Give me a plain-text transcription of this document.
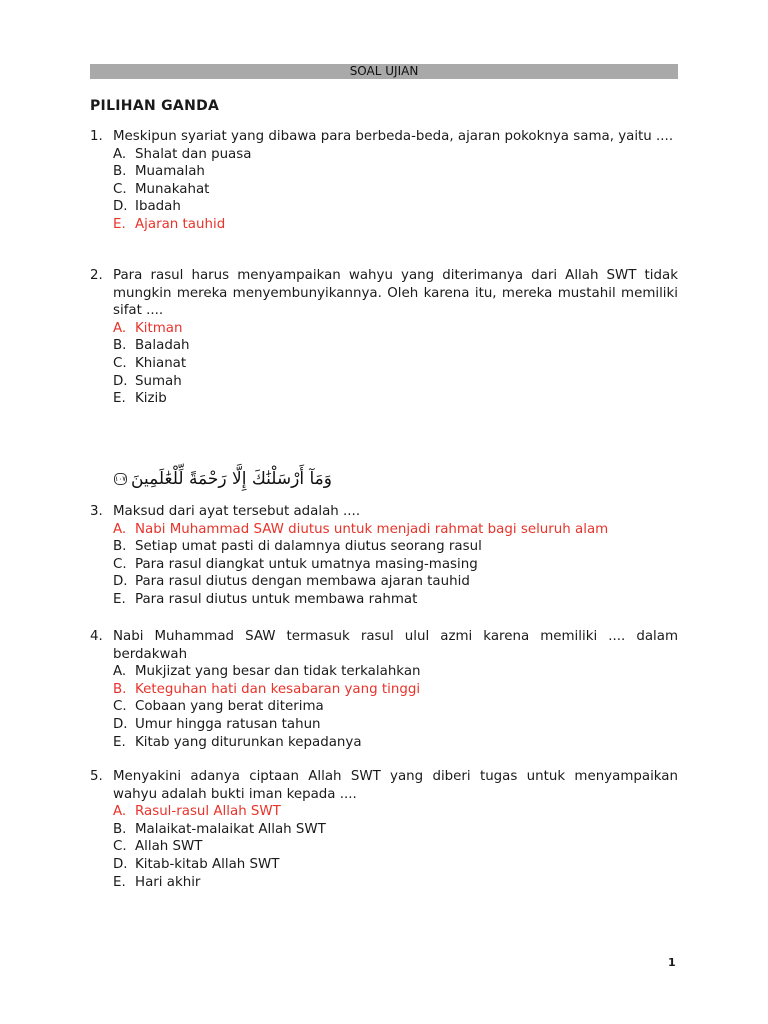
SOAL UJIAN
PILIHAN GANDA
1. Meskipun syariat yang dibawa para berbeda-beda, ajaran pokoknya sama, yaitu ....
A. Shalat dan puasa
B. Muamalah
C. Munakahat
D. Ibadah
E. Ajaran tauhid
2. Para rasul harus menyampaikan wahyu yang diterimanya dari Allah SWT tidak mungkin mereka menyembunyikannya. Oleh karena itu, mereka mustahil memiliki sifat ....
A. Kitman
B. Baladah
C. Khianat
D. Sumah
E. Kizib
وَمَآ أَرْسَلْنَٰكَ إِلَّا رَحْمَةً لِّلْعَٰلَمِينَ
١٠٧
3. Maksud dari ayat tersebut adalah ....
A. Nabi Muhammad SAW diutus untuk menjadi rahmat bagi seluruh alam
B. Setiap umat pasti di dalamnya diutus seorang rasul
C. Para rasul diangkat untuk umatnya masing-masing
D. Para rasul diutus dengan membawa ajaran tauhid
E. Para rasul diutus untuk membawa rahmat
4. Nabi Muhammad SAW termasuk rasul ulul azmi karena memiliki .... dalam berdakwah
A. Mukjizat yang besar dan tidak terkalahkan
B. Keteguhan hati dan kesabaran yang tinggi
C. Cobaan yang berat diterima
D. Umur hingga ratusan tahun
E. Kitab yang diturunkan kepadanya
5. Menyakini adanya ciptaan Allah SWT yang diberi tugas untuk menyampaikan wahyu adalah bukti iman kepada ....
A. Rasul-rasul Allah SWT
B. Malaikat-malaikat Allah SWT
C. Allah SWT
D. Kitab-kitab Allah SWT
E. Hari akhir
1
